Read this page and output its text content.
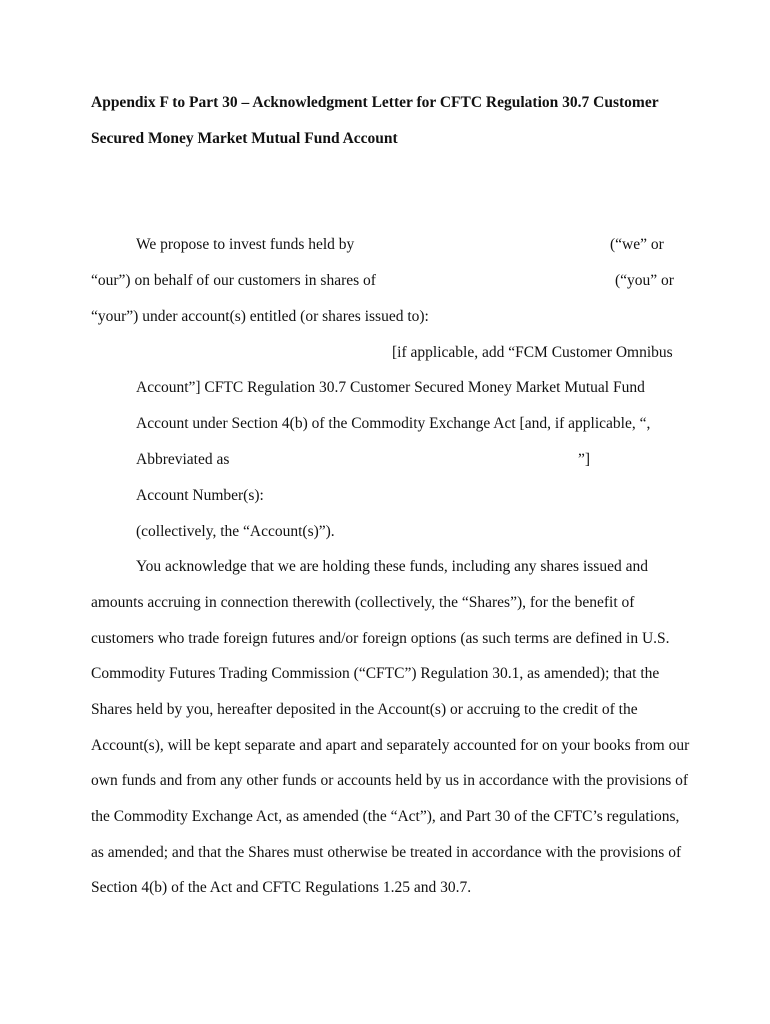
Appendix F to Part 30 – Acknowledgment Letter for CFTC Regulation 30.7 Customer
Secured Money Market Mutual Fund Account
We propose to invest funds held by	(“we” or
“our”) on behalf of our customers in shares of	(“you” or
“your”) under account(s) entitled (or shares issued to):
[if applicable, add “FCM Customer Omnibus
Account”] CFTC Regulation 30.7 Customer Secured Money Market Mutual Fund
Account under Section 4(b) of the Commodity Exchange Act [and, if applicable, “,
Abbreviated as	”]
Account Number(s):
(collectively, the “Account(s)”).
You acknowledge that we are holding these funds, including any shares issued and
amounts accruing in connection therewith (collectively, the “Shares”), for the benefit of
customers who trade foreign futures and/or foreign options (as such terms are defined in U.S.
Commodity Futures Trading Commission (“CFTC”) Regulation 30.1, as amended); that the
Shares held by you, hereafter deposited in the Account(s) or accruing to the credit of the
Account(s), will be kept separate and apart and separately accounted for on your books from our
own funds and from any other funds or accounts held by us in accordance with the provisions of
the Commodity Exchange Act, as amended (the “Act”), and Part 30 of the CFTC’s regulations,
as amended; and that the Shares must otherwise be treated in accordance with the provisions of
Section 4(b) of the Act and CFTC Regulations 1.25 and 30.7.
